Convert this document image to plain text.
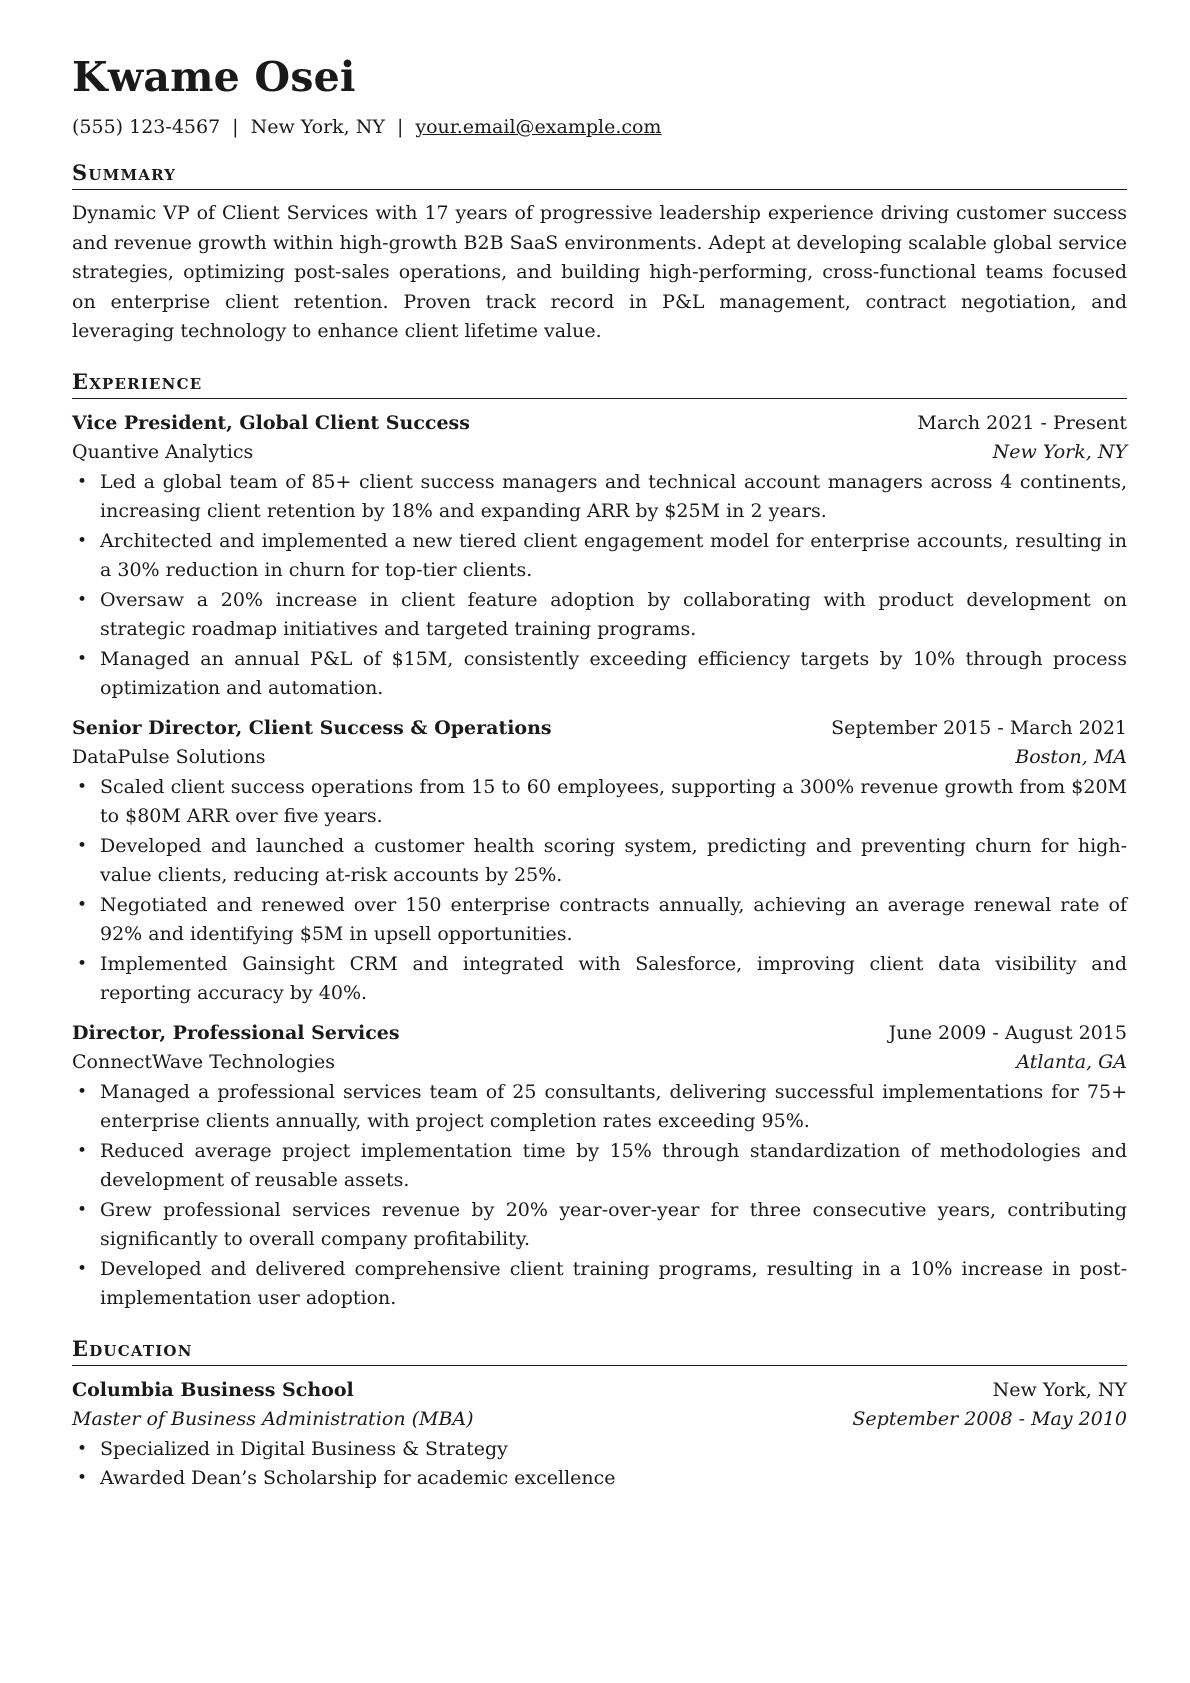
Kwame Osei
(555) 123-4567 | New York, NY | your.email@example.com
Summary
Dynamic VP of Client Services with 17 years of progressive leadership experience driving customer success and revenue growth within high-growth B2B SaaS environments. Adept at developing scalable global service strategies, optimizing post-sales operations, and building high-performing, cross-functional teams focused on enterprise client retention. Proven track record in P&L management, contract negotiation, and leveraging technology to enhance client lifetime value.
Experience
Vice President, Global Client Success	March 2021 - Present
Quantive Analytics	New York, NY
• Led a global team of 85+ client success managers and technical account managers across 4 continents, increasing client retention by 18% and expanding ARR by $25M in 2 years.
• Architected and implemented a new tiered client engagement model for enterprise accounts, resulting in a 30% reduction in churn for top-tier clients.
• Oversaw a 20% increase in client feature adoption by collaborating with product development on strategic roadmap initiatives and targeted training programs.
• Managed an annual P&L of $15M, consistently exceeding efficiency targets by 10% through process optimization and automation.
Senior Director, Client Success & Operations	September 2015 - March 2021
DataPulse Solutions	Boston, MA
• Scaled client success operations from 15 to 60 employees, supporting a 300% revenue growth from $20M to $80M ARR over five years.
• Developed and launched a customer health scoring system, predicting and preventing churn for high-value clients, reducing at-risk accounts by 25%.
• Negotiated and renewed over 150 enterprise contracts annually, achieving an average renewal rate of 92% and identifying $5M in upsell opportunities.
• Implemented Gainsight CRM and integrated with Salesforce, improving client data visibility and reporting accuracy by 40%.
Director, Professional Services	June 2009 - August 2015
ConnectWave Technologies	Atlanta, GA
• Managed a professional services team of 25 consultants, delivering successful implementations for 75+ enterprise clients annually, with project completion rates exceeding 95%.
• Reduced average project implementation time by 15% through standardization of methodologies and development of reusable assets.
• Grew professional services revenue by 20% year-over-year for three consecutive years, contributing significantly to overall company profitability.
• Developed and delivered comprehensive client training programs, resulting in a 10% increase in post-implementation user adoption.
Education
Columbia Business School	New York, NY
Master of Business Administration (MBA)	September 2008 - May 2010
• Specialized in Digital Business & Strategy
• Awarded Dean’s Scholarship for academic excellence
